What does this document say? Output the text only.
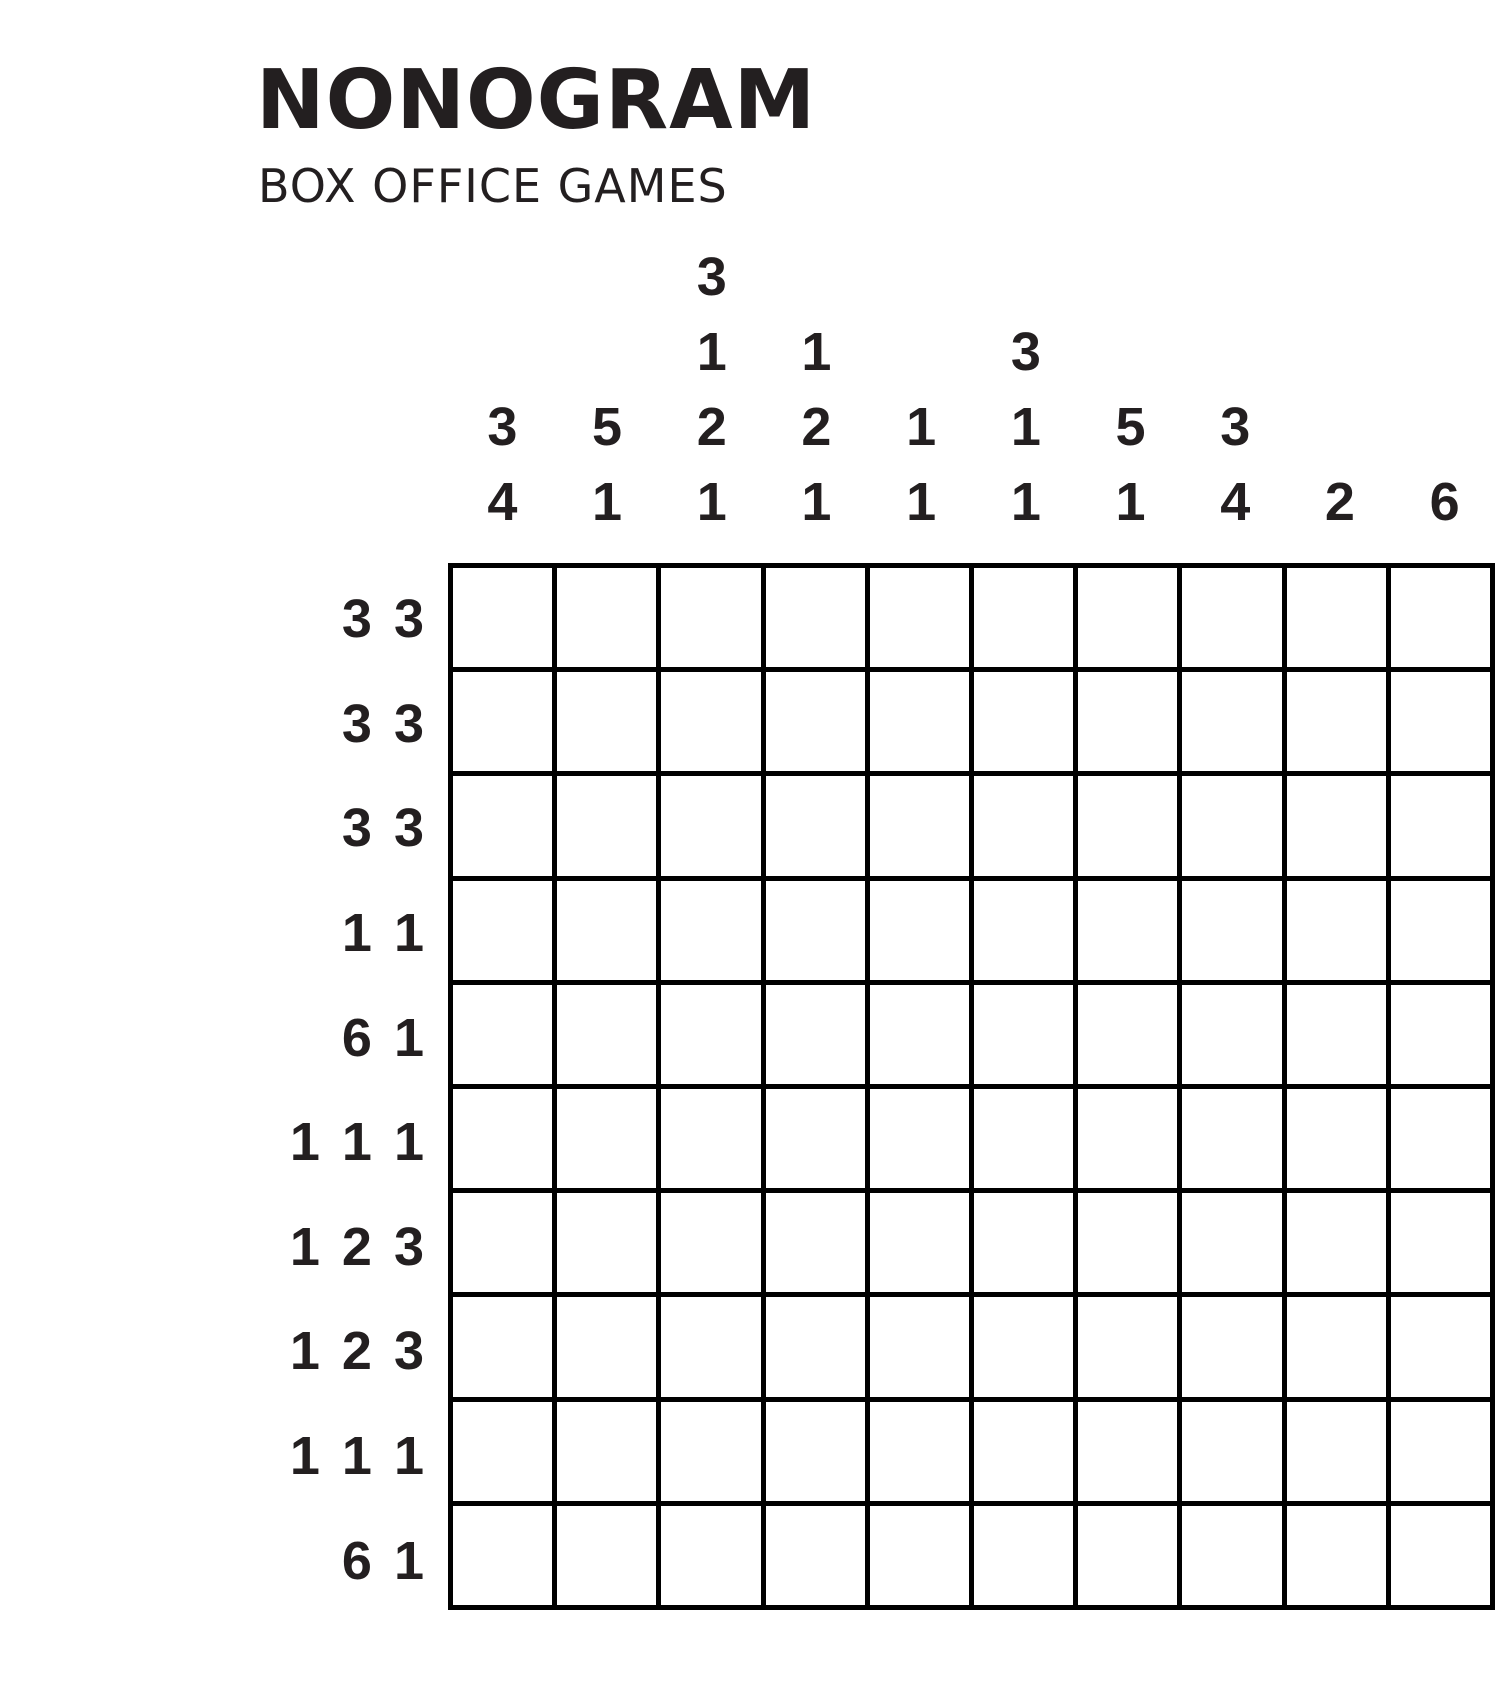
NONOGRAM
BOX OFFICE GAMES
3
4
5
1
3
1
2
1
1
2
1
1
1
3
1
1
5
1
3
4 2 6
3 3
3 3
3 3
1 1
6 1
1 1 1
1 2 3
1 2 3
1 1 1
6 1
